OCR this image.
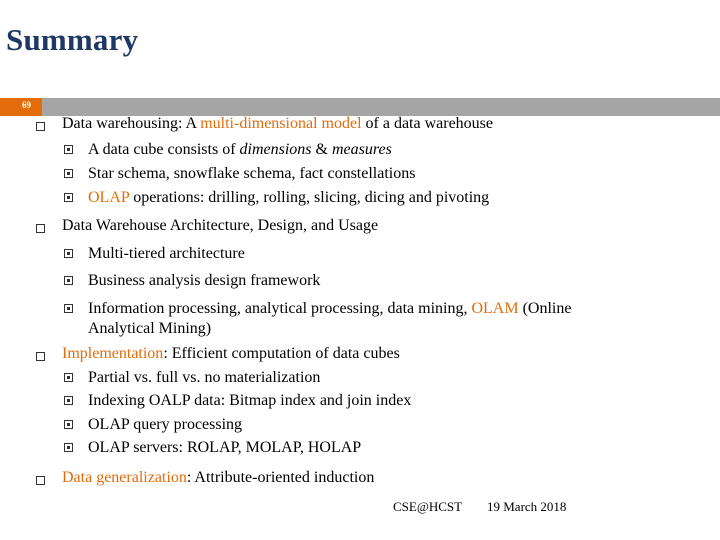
Summary
69
Data warehousing: A multi-dimensional model of a data warehouse
A data cube consists of dimensions & measures
Star schema, snowflake schema, fact constellations
OLAP operations: drilling, rolling, slicing, dicing and pivoting
Data Warehouse Architecture, Design, and Usage
Multi-tiered architecture
Business analysis design framework
Information processing, analytical processing, data mining, OLAM (Online
Analytical Mining)
Implementation: Efficient computation of data cubes
Partial vs. full vs. no materialization
Indexing OALP data: Bitmap index and join index
OLAP query processing
OLAP servers: ROLAP, MOLAP, HOLAP
Data generalization: Attribute-oriented induction
CSE@HCST 19 March 2018
